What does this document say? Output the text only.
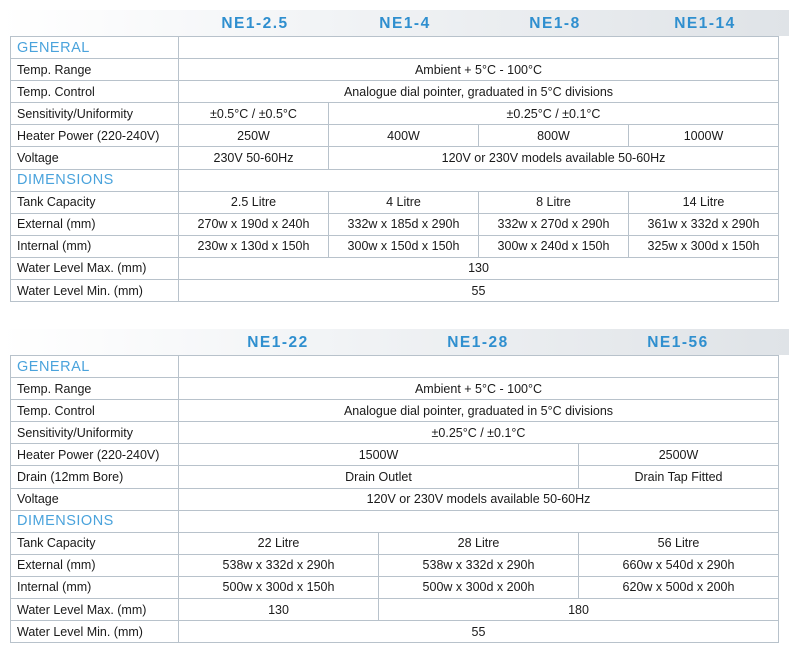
NE1-2.5	NE1-4	NE1-8	NE1-14
GENERAL				
Temp. Range	Ambient + 5°C - 100°C			
Temp. Control	Analogue dial pointer, graduated in 5°C divisions			
Sensitivity/Uniformity	±0.5°C / ±0.5°C	±0.25°C / ±0.1°C		
Heater Power (220-240V)	250W	400W	800W	1000W
Voltage	230V 50-60Hz	120V or 230V models available 50-60Hz		
DIMENSIONS				
Tank Capacity	2.5 Litre	4 Litre	8 Litre	14 Litre
External (mm)	270w x 190d x 240h	332w x 185d x 290h	332w x 270d x 290h	361w x 332d x 290h
Internal (mm)	230w x 130d x 150h	300w x 150d x 150h	300w x 240d x 150h	325w x 300d x 150h
Water Level Max. (mm)	130			
Water Level Min. (mm)	55			
NE1-22	NE1-28	NE1-56
GENERAL			
Temp. Range	Ambient + 5°C - 100°C		
Temp. Control	Analogue dial pointer, graduated in 5°C divisions		
Sensitivity/Uniformity	±0.25°C / ±0.1°C		
Heater Power (220-240V)	1500W		2500W
Drain (12mm Bore)	Drain Outlet		Drain Tap Fitted
Voltage	120V or 230V models available 50-60Hz		
DIMENSIONS			
Tank Capacity	22 Litre	28 Litre	56 Litre
External (mm)	538w x 332d x 290h	538w x 332d x 290h	660w x 540d x 290h
Internal (mm)	500w x 300d x 150h	500w x 300d x 200h	620w x 500d x 200h
Water Level Max. (mm)	130	180	
Water Level Min. (mm)	55		
